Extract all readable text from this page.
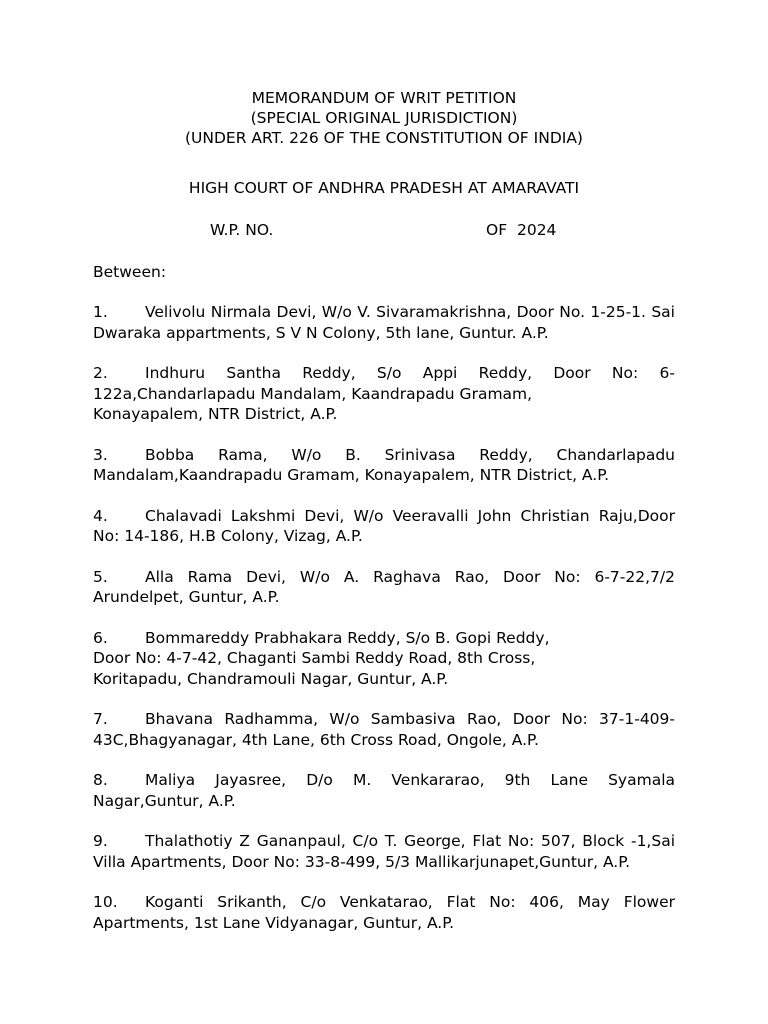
MEMORANDUM OF WRIT PETITION
(SPECIAL ORIGINAL JURISDICTION)
(UNDER ART. 226 OF THE CONSTITUTION OF INDIA)
HIGH COURT OF ANDHRA PRADESH AT AMARAVATI
W.P. NO.	OF  2024
Between:
1. Velivolu Nirmala Devi, W/o V. Sivaramakrishna, Door No. 1-25-1. Sai Dwaraka appartments, S V N Colony, 5th lane, Guntur. A.P.
2. Indhuru Santha Reddy, S/o Appi Reddy, Door No: 6-
122a,Chandarlapadu Mandalam, Kaandrapadu Gramam,
Konayapalem, NTR District, A.P.
3. Bobba Rama, W/o B. Srinivasa Reddy, Chandarlapadu Mandalam,Kaandrapadu Gramam, Konayapalem, NTR District, A.P.
4. Chalavadi Lakshmi Devi, W/o Veeravalli John Christian Raju,Door No: 14-186, H.B Colony, Vizag, A.P.
5. Alla Rama Devi, W/o A. Raghava Rao, Door No: 6-7-22,7/2 Arundelpet, Guntur, A.P.
6. Bommareddy Prabhakara Reddy, S/o B. Gopi Reddy,
Door No: 4-7-42, Chaganti Sambi Reddy Road, 8th Cross,
Koritapadu, Chandramouli Nagar, Guntur, A.P.
7. Bhavana Radhamma, W/o Sambasiva Rao, Door No: 37-1-409-43C,Bhagyanagar, 4th Lane, 6th Cross Road, Ongole, A.P.
8. Maliya Jayasree, D/o M. Venkararao, 9th Lane Syamala Nagar,Guntur, A.P.
9. Thalathotiy Z Gananpaul, C/o T. George, Flat No: 507, Block -1,Sai Villa Apartments, Door No: 33-8-499, 5/3 Mallikarjunapet,Guntur, A.P.
10. Koganti Srikanth, C/o Venkatarao, Flat No: 406, May Flower Apartments, 1st Lane Vidyanagar, Guntur, A.P.
